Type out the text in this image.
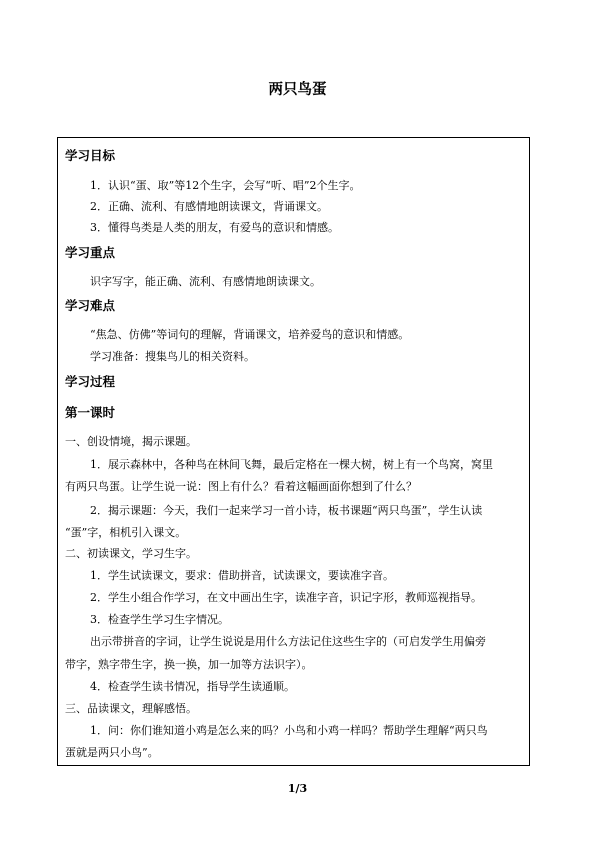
两只鸟蛋
学习目标
1．认识“蛋、取”等12个生字，会写“听、唱”2个生字。
2．正确、流利、有感情地朗读课文，背诵课文。
3．懂得鸟类是人类的朋友，有爱鸟的意识和情感。
学习重点
识字写字，能正确、流利、有感情地朗读课文。
学习难点
“焦急、仿佛”等词句的理解，背诵课文，培养爱鸟的意识和情感。
学习准备：搜集鸟儿的相关资料。
学习过程
第一课时
一、创设情境，揭示课题。
1．展示森林中，各种鸟在林间飞舞，最后定格在一棵大树，树上有一个鸟窝，窝里
有两只鸟蛋。让学生说一说：图上有什么？看着这幅画面你想到了什么？
2．揭示课题：今天，我们一起来学习一首小诗，板书课题“两只鸟蛋”，学生认读
“蛋”字，相机引入课文。
二、初读课文，学习生字。
1．学生试读课文，要求：借助拼音，试读课文，要读准字音。
2．学生小组合作学习，在文中画出生字，读准字音，识记字形，教师巡视指导。
3．检查学生学习生字情况。
出示带拼音的字词，让学生说说是用什么方法记住这些生字的（可启发学生用偏旁
带字，熟字带生字，换一换，加一加等方法识字）。
4．检查学生读书情况，指导学生读通顺。
三、品读课文，理解感悟。
1．问：你们谁知道小鸡是怎么来的吗？小鸟和小鸡一样吗？帮助学生理解“两只鸟
蛋就是两只小鸟”。
1/3
